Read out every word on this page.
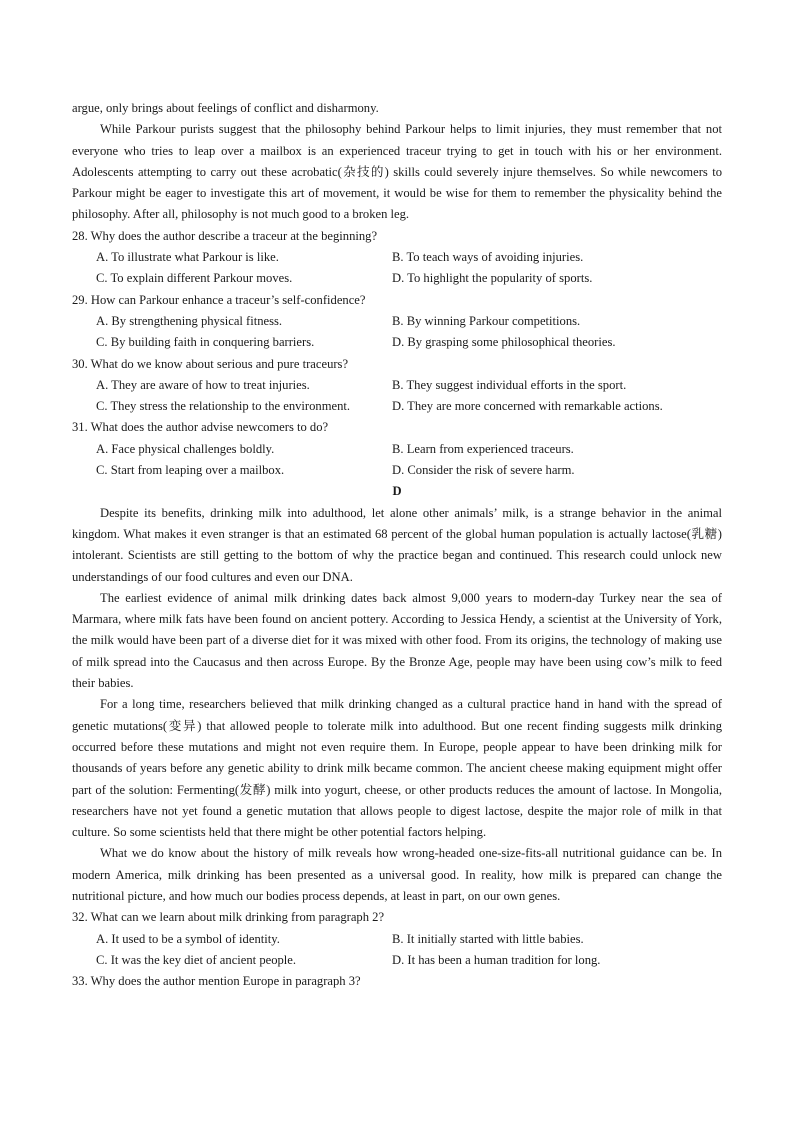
argue, only brings about feelings of conflict and disharmony.

While Parkour purists suggest that the philosophy behind Parkour helps to limit injuries, they must remember that not everyone who tries to leap over a mailbox is an experienced traceur trying to get in touch with his or her environment. Adolescents attempting to carry out these acrobatic(杂技的) skills could severely injure themselves. So while newcomers to Parkour might be eager to investigate this art of movement, it would be wise for them to remember the physicality behind the philosophy. After all, philosophy is not much good to a broken leg.

28. Why does the author describe a traceur at the beginning?

A. To illustrate what Parkour is like.	B. To teach ways of avoiding injuries.
C. To explain different Parkour moves.	D. To highlight the popularity of sports.

29. How can Parkour enhance a traceur’s self-confidence?

A. By strengthening physical fitness.	B. By winning Parkour competitions.
C. By building faith in conquering barriers.	D. By grasping some philosophical theories.

30. What do we know about serious and pure traceurs?

A. They are aware of how to treat injuries.	B. They suggest individual efforts in the sport.
C. They stress the relationship to the environment.	D. They are more concerned with remarkable actions.

31. What does the author advise newcomers to do?

A. Face physical challenges boldly.	B. Learn from experienced traceurs.
C. Start from leaping over a mailbox.	D. Consider the risk of severe harm.

D

Despite its benefits, drinking milk into adulthood, let alone other animals’ milk, is a strange behavior in the animal kingdom. What makes it even stranger is that an estimated 68 percent of the global human population is actually lactose(乳糖) intolerant. Scientists are still getting to the bottom of why the practice began and continued. This research could unlock new understandings of our food cultures and even our DNA.

The earliest evidence of animal milk drinking dates back almost 9,000 years to modern-day Turkey near the sea of Marmara, where milk fats have been found on ancient pottery. According to Jessica Hendy, a scientist at the University of York, the milk would have been part of a diverse diet for it was mixed with other food. From its origins, the technology of making use of milk spread into the Caucasus and then across Europe. By the Bronze Age, people may have been using cow’s milk to feed their babies.

For a long time, researchers believed that milk drinking changed as a cultural practice hand in hand with the spread of genetic mutations(变异) that allowed people to tolerate milk into adulthood. But one recent finding suggests milk drinking occurred before these mutations and might not even require them. In Europe, people appear to have been drinking milk for thousands of years before any genetic ability to drink milk became common. The ancient cheese making equipment might offer part of the solution: Fermenting(发酵) milk into yogurt, cheese, or other products reduces the amount of lactose. In Mongolia, researchers have not yet found a genetic mutation that allows people to digest lactose, despite the major role of milk in that culture. So some scientists held that there might be other potential factors helping.

What we do know about the history of milk reveals how wrong-headed one-size-fits-all nutritional guidance can be. In modern America, milk drinking has been presented as a universal good. In reality, how milk is prepared can change the nutritional picture, and how much our bodies process depends, at least in part, on our own genes.

32. What can we learn about milk drinking from paragraph 2?

A. It used to be a symbol of identity.	B. It initially started with little babies.
C. It was the key diet of ancient people.	D. It has been a human tradition for long.

33. Why does the author mention Europe in paragraph 3?
